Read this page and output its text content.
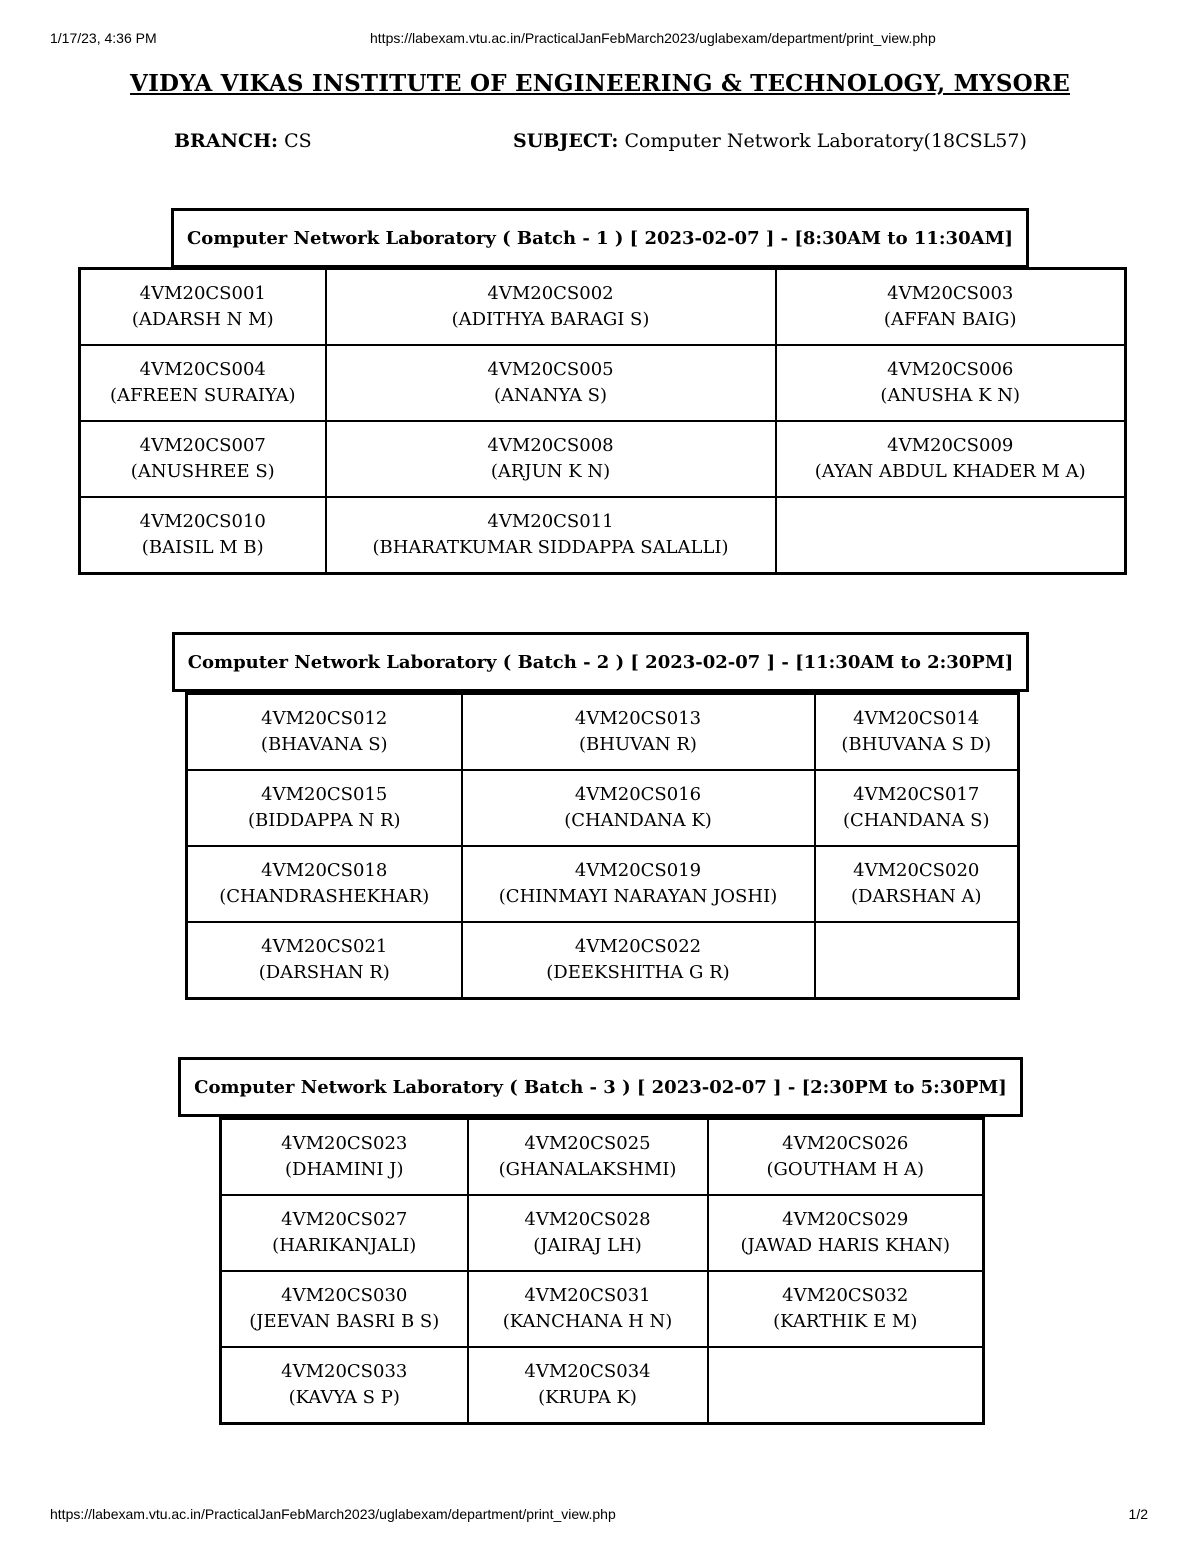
1/17/23, 4:36 PM	https://labexam.vtu.ac.in/PracticalJanFebMarch2023/uglabexam/department/print_view.php
VIDYA VIKAS INSTITUTE OF ENGINEERING & TECHNOLOGY, MYSORE
BRANCH: CS	SUBJECT: Computer Network Laboratory(18CSL57)
Computer Network Laboratory ( Batch - 1 ) [ 2023-02-07 ] - [8:30AM to 11:30AM]
4VM20CS001
(ADARSH N M)	4VM20CS002
(ADITHYA BARAGI S)	4VM20CS003
(AFFAN BAIG)

4VM20CS004
(AFREEN SURAIYA)	4VM20CS005
(ANANYA S)	4VM20CS006
(ANUSHA K N)

4VM20CS007
(ANUSHREE S)	4VM20CS008
(ARJUN K N)	4VM20CS009
(AYAN ABDUL KHADER M A)

4VM20CS010
(BAISIL M B)	4VM20CS011
(BHARATKUMAR SIDDAPPA SALALLI)	

Computer Network Laboratory ( Batch - 2 ) [ 2023-02-07 ] - [11:30AM to 2:30PM]
4VM20CS012
(BHAVANA S)	4VM20CS013
(BHUVAN R)	4VM20CS014
(BHUVANA S D)

4VM20CS015
(BIDDAPPA N R)	4VM20CS016
(CHANDANA K)	4VM20CS017
(CHANDANA S)

4VM20CS018
(CHANDRASHEKHAR)	4VM20CS019
(CHINMAYI NARAYAN JOSHI)	4VM20CS020
(DARSHAN A)

4VM20CS021
(DARSHAN R)	4VM20CS022
(DEEKSHITHA G R)	

Computer Network Laboratory ( Batch - 3 ) [ 2023-02-07 ] - [2:30PM to 5:30PM]
4VM20CS023
(DHAMINI J)	4VM20CS025
(GHANALAKSHMI)	4VM20CS026
(GOUTHAM H A)

4VM20CS027
(HARIKANJALI)	4VM20CS028
(JAIRAJ LH)	4VM20CS029
(JAWAD HARIS KHAN)

4VM20CS030
(JEEVAN BASRI B S)	4VM20CS031
(KANCHANA H N)	4VM20CS032
(KARTHIK E M)

4VM20CS033
(KAVYA S P)	4VM20CS034
(KRUPA K)	

https://labexam.vtu.ac.in/PracticalJanFebMarch2023/uglabexam/department/print_view.php	1/2
